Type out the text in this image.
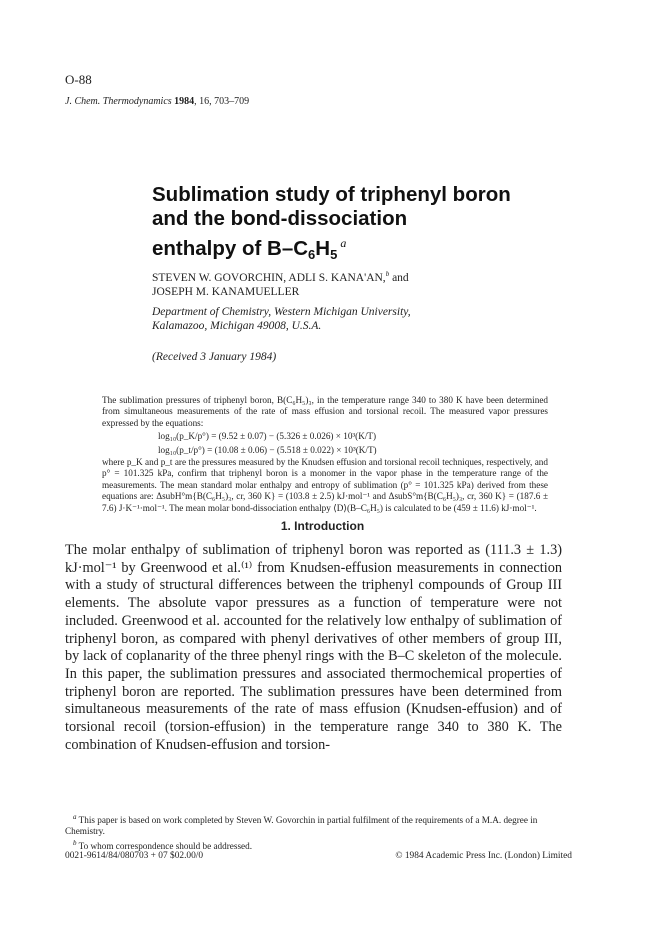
O-88
J. Chem. Thermodynamics 1984, 16, 703–709
Sublimation study of triphenyl boron
and the bond-dissociation
enthalpy of $B-C_6H_5$ $^a$
STEVEN W. GOVORCHIN, ADLI S. KANA'AN,$^b$ and
JOSEPH M. KANAMUELLER
Department of Chemistry, Western Michigan University,
Kalamazoo, Michigan 49008, U.S.A.
(Received 3 January 1984)

The sublimation pressures of triphenyl boron, B(C₆H₅)₃, in the temperature range 340 to 380 K have been determined from simultaneous measurements of the rate of mass effusion and torsional recoil. The measured vapor pressures expressed by the equations:

log₁₀(p_K/p°) = (9.52 ± 0.07) − (5.326 ± 0.026) × 10³(K/T)
log₁₀(p_t/p°) = (10.08 ± 0.06) − (5.518 ± 0.022) × 10³(K/T)

where p_K and p_t are the pressures measured by the Knudsen effusion and torsional recoil techniques, respectively, and p° = 101.325 kPa, confirm that triphenyl boron is a monomer in the vapor phase in the temperature range of the measurements. The mean standard molar enthalpy and entropy of sublimation (p° = 101.325 kPa) derived from these equations are: ΔsubH°m{B(C₆H₅)₃, cr, 360 K} = (103.8 ± 2.5) kJ·mol⁻¹ and ΔsubS°m{B(C₆H₅)₃, cr, 360 K} = (187.6 ± 7.6) J·K⁻¹·mol⁻¹. The mean molar bond-dissociation enthalpy ⟨D⟩(B–C₆H₅) is calculated to be (459 ± 11.6) kJ·mol⁻¹.

1. Introduction
The molar enthalpy of sublimation of triphenyl boron was reported as (111.3 ± 1.3) kJ·mol⁻¹ by Greenwood et al.⁽¹⁾ from Knudsen-effusion measurements in connection with a study of structural differences between the triphenyl compounds of Group III elements. The absolute vapor pressures as a function of temperature were not included. Greenwood et al. accounted for the relatively low enthalpy of sublimation of triphenyl boron, as compared with phenyl derivatives of other members of group III, by lack of coplanarity of the three phenyl rings with the B–C skeleton of the molecule. In this paper, the sublimation pressures and associated thermochemical properties of triphenyl boron are reported. The sublimation pressures have been determined from simultaneous measurements of the rate of mass effusion (Knudsen-effusion) and of torsional recoil (torsion-effusion) in the temperature range 340 to 380 K. The combination of Knudsen-effusion and torsion-

$^a$ This paper is based on work completed by Steven W. Govorchin in partial fulfilment of the requirements of a M.A. degree in Chemistry.

$^b$ To whom correspondence should be addressed.

0021-9614/84/080703 + 07 $02.00/0	© 1984 Academic Press Inc. (London) Limited
